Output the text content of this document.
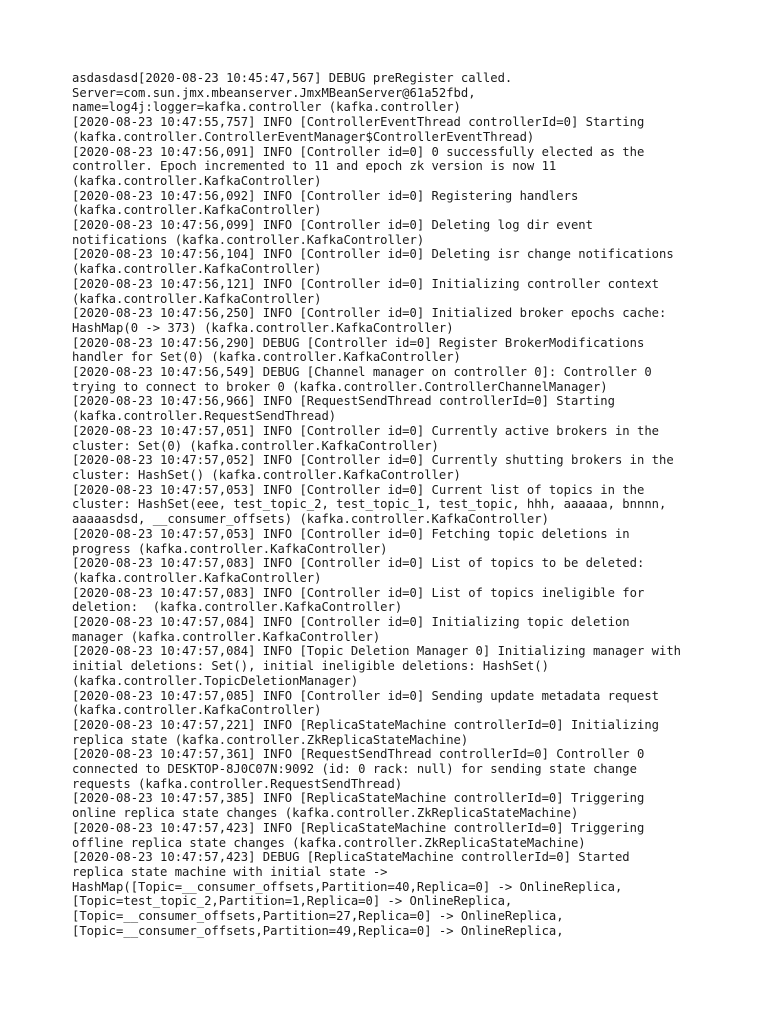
asdasdasd[2020-08-23 10:45:47,567] DEBUG preRegister called.
Server=com.sun.jmx.mbeanserver.JmxMBeanServer@61a52fbd,
name=log4j:logger=kafka.controller (kafka.controller)
[2020-08-23 10:47:55,757] INFO [ControllerEventThread controllerId=0] Starting
(kafka.controller.ControllerEventManager$ControllerEventThread)
[2020-08-23 10:47:56,091] INFO [Controller id=0] 0 successfully elected as the
controller. Epoch incremented to 11 and epoch zk version is now 11
(kafka.controller.KafkaController)
[2020-08-23 10:47:56,092] INFO [Controller id=0] Registering handlers
(kafka.controller.KafkaController)
[2020-08-23 10:47:56,099] INFO [Controller id=0] Deleting log dir event
notifications (kafka.controller.KafkaController)
[2020-08-23 10:47:56,104] INFO [Controller id=0] Deleting isr change notifications
(kafka.controller.KafkaController)
[2020-08-23 10:47:56,121] INFO [Controller id=0] Initializing controller context
(kafka.controller.KafkaController)
[2020-08-23 10:47:56,250] INFO [Controller id=0] Initialized broker epochs cache:
HashMap(0 -> 373) (kafka.controller.KafkaController)
[2020-08-23 10:47:56,290] DEBUG [Controller id=0] Register BrokerModifications
handler for Set(0) (kafka.controller.KafkaController)
[2020-08-23 10:47:56,549] DEBUG [Channel manager on controller 0]: Controller 0
trying to connect to broker 0 (kafka.controller.ControllerChannelManager)
[2020-08-23 10:47:56,966] INFO [RequestSendThread controllerId=0] Starting
(kafka.controller.RequestSendThread)
[2020-08-23 10:47:57,051] INFO [Controller id=0] Currently active brokers in the
cluster: Set(0) (kafka.controller.KafkaController)
[2020-08-23 10:47:57,052] INFO [Controller id=0] Currently shutting brokers in the
cluster: HashSet() (kafka.controller.KafkaController)
[2020-08-23 10:47:57,053] INFO [Controller id=0] Current list of topics in the
cluster: HashSet(eee, test_topic_2, test_topic_1, test_topic, hhh, aaaaaa, bnnnn,
aaaaasdsd, __consumer_offsets) (kafka.controller.KafkaController)
[2020-08-23 10:47:57,053] INFO [Controller id=0] Fetching topic deletions in
progress (kafka.controller.KafkaController)
[2020-08-23 10:47:57,083] INFO [Controller id=0] List of topics to be deleted:
(kafka.controller.KafkaController)
[2020-08-23 10:47:57,083] INFO [Controller id=0] List of topics ineligible for
deletion:  (kafka.controller.KafkaController)
[2020-08-23 10:47:57,084] INFO [Controller id=0] Initializing topic deletion
manager (kafka.controller.KafkaController)
[2020-08-23 10:47:57,084] INFO [Topic Deletion Manager 0] Initializing manager with
initial deletions: Set(), initial ineligible deletions: HashSet()
(kafka.controller.TopicDeletionManager)
[2020-08-23 10:47:57,085] INFO [Controller id=0] Sending update metadata request
(kafka.controller.KafkaController)
[2020-08-23 10:47:57,221] INFO [ReplicaStateMachine controllerId=0] Initializing
replica state (kafka.controller.ZkReplicaStateMachine)
[2020-08-23 10:47:57,361] INFO [RequestSendThread controllerId=0] Controller 0
connected to DESKTOP-8J0C07N:9092 (id: 0 rack: null) for sending state change
requests (kafka.controller.RequestSendThread)
[2020-08-23 10:47:57,385] INFO [ReplicaStateMachine controllerId=0] Triggering
online replica state changes (kafka.controller.ZkReplicaStateMachine)
[2020-08-23 10:47:57,423] INFO [ReplicaStateMachine controllerId=0] Triggering
offline replica state changes (kafka.controller.ZkReplicaStateMachine)
[2020-08-23 10:47:57,423] DEBUG [ReplicaStateMachine controllerId=0] Started
replica state machine with initial state ->
HashMap([Topic=__consumer_offsets,Partition=40,Replica=0] -> OnlineReplica,
[Topic=test_topic_2,Partition=1,Replica=0] -> OnlineReplica,
[Topic=__consumer_offsets,Partition=27,Replica=0] -> OnlineReplica,
[Topic=__consumer_offsets,Partition=49,Replica=0] -> OnlineReplica,
